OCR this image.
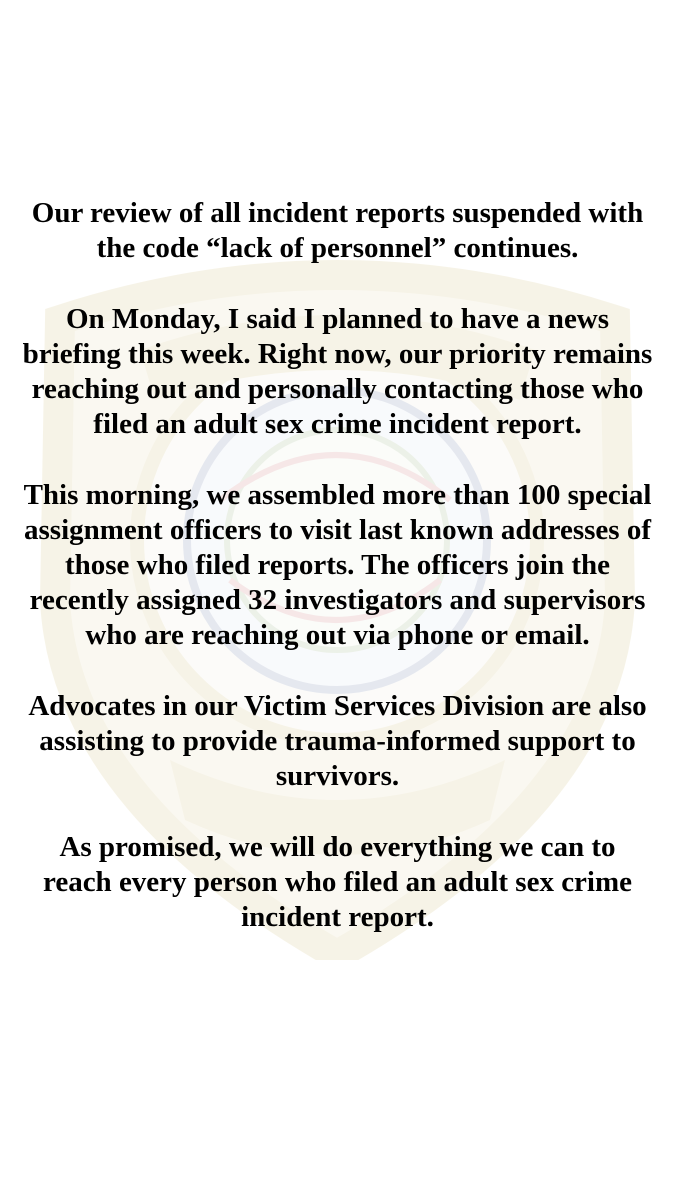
Our review of all incident reports suspended with the code “lack of personnel” continues.

On Monday, I said I planned to have a news briefing this week. Right now, our priority remains reaching out and personally contacting those who filed an adult sex crime incident report.

This morning, we assembled more than 100 special assignment officers to visit last known addresses of those who filed reports. The officers join the recently assigned 32 investigators and supervisors who are reaching out via phone or email.

Advocates in our Victim Services Division are also assisting to provide trauma-informed support to survivors.

As promised, we will do everything we can to reach every person who filed an adult sex crime incident report.
